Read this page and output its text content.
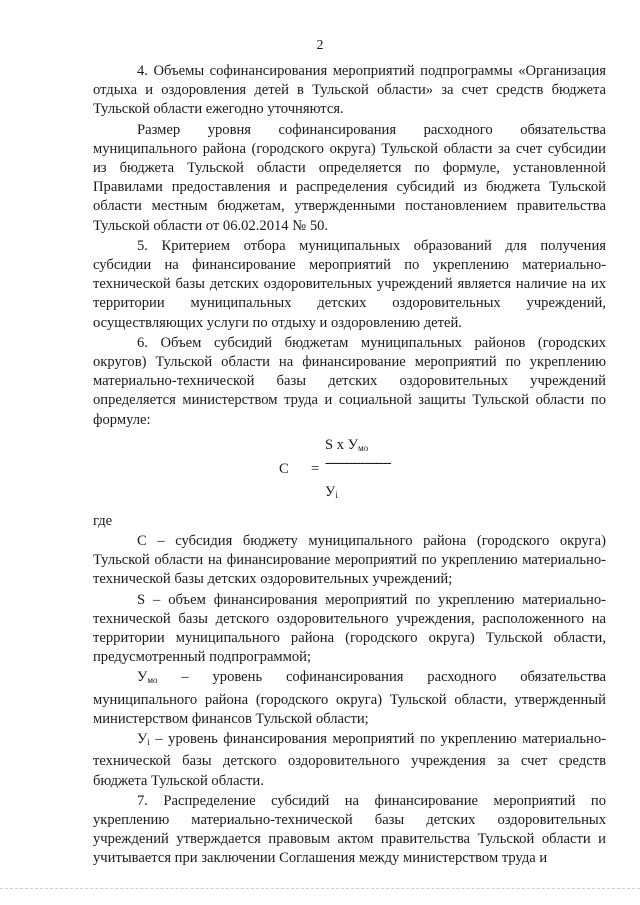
2

4. Объемы софинансирования мероприятий подпрограммы «Организация отдыха и оздоровления детей в Тульской области» за счет средств бюджета Тульской области ежегодно уточняются.

Размер уровня софинансирования расходного обязательства муниципального района (городского округа) Тульской области за счет субсидии из бюджета Тульской области определяется по формуле, установленной Правилами предоставления и распределения субсидий из бюджета Тульской области местным бюджетам, утвержденными постановлением правительства Тульской области от 06.02.2014 № 50.

5. Критерием отбора муниципальных образований для получения субсидии на финансирование мероприятий по укреплению материально-технической базы детских оздоровительных учреждений является наличие на их территории муниципальных детских оздоровительных учреждений, осуществляющих услуги по отдыху и оздоровлению детей.

6. Объем субсидий бюджетам муниципальных районов (городских округов) Тульской области на финансирование мероприятий по укреплению материально-технической базы детских оздоровительных учреждений определяется министерством труда и социальной защиты Тульской области по формуле:

S x $У_{мо}$
С = -----------------
$У_i$

где

С – субсидия бюджету муниципального района (городского округа) Тульской области на финансирование мероприятий по укреплению материально-технической базы детских оздоровительных учреждений;

S – объем финансирования мероприятий по укреплению материально-технической базы детского оздоровительного учреждения, расположенного на территории муниципального района (городского округа) Тульской области, предусмотренный подпрограммой;

$У_{мо}$ – уровень софинансирования расходного обязательства муниципального района (городского округа) Тульской области, утвержденный министерством финансов Тульской области;

$У_i$ – уровень финансирования мероприятий по укреплению материально-технической базы детского оздоровительного учреждения за счет средств бюджета Тульской области.

7. Распределение субсидий на финансирование мероприятий по укреплению материально-технической базы детских оздоровительных учреждений утверждается правовым актом правительства Тульской области и учитывается при заключении Соглашения между министерством труда и
